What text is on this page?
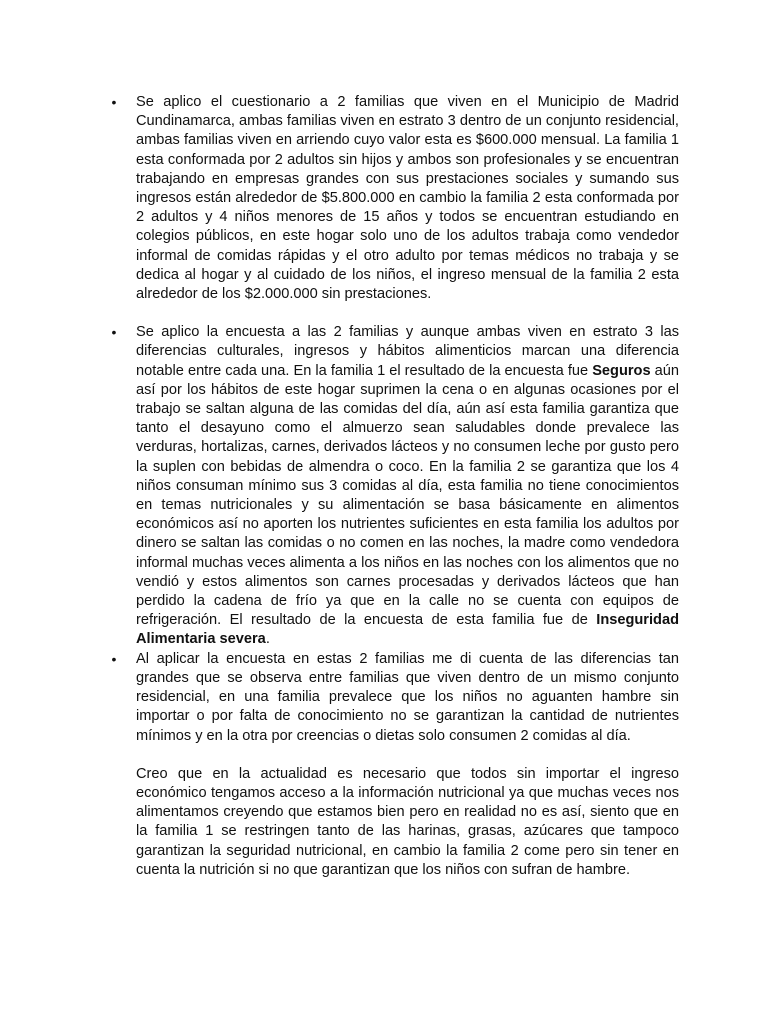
• Se aplico el cuestionario a 2 familias que viven en el Municipio de Madrid Cundinamarca, ambas familias viven en estrato 3 dentro de un conjunto residencial, ambas familias viven en arriendo cuyo valor esta es $600.000 mensual. La familia 1 esta conformada por 2 adultos sin hijos y ambos son profesionales y se encuentran trabajando en empresas grandes con sus prestaciones sociales y sumando sus ingresos están alrededor de $5.800.000 en cambio la familia 2 esta conformada por 2 adultos y 4 niños menores de 15 años y todos se encuentran estudiando en colegios públicos, en este hogar solo uno de los adultos trabaja como vendedor informal de comidas rápidas y el otro adulto por temas médicos no trabaja y se dedica al hogar y al cuidado de los niños, el ingreso mensual de la familia 2 esta alrededor de los $2.000.000 sin prestaciones.
• Se aplico la encuesta a las 2 familias y aunque ambas viven en estrato 3 las diferencias culturales, ingresos y hábitos alimenticios marcan una diferencia notable entre cada una. En la familia 1 el resultado de la encuesta fue Seguros aún así por los hábitos de este hogar suprimen la cena o en algunas ocasiones por el trabajo se saltan alguna de las comidas del día, aún así esta familia garantiza que tanto el desayuno como el almuerzo sean saludables donde prevalece las verduras, hortalizas, carnes, derivados lácteos y no consumen leche por gusto pero la suplen con bebidas de almendra o coco. En la familia 2 se garantiza que los 4 niños consuman mínimo sus 3 comidas al día, esta familia no tiene conocimientos en temas nutricionales y su alimentación se basa básicamente en alimentos económicos así no aporten los nutrientes suficientes en esta familia los adultos por dinero se saltan las comidas o no comen en las noches, la madre como vendedora informal muchas veces alimenta a los niños en las noches con los alimentos que no vendió y estos alimentos son carnes procesadas y derivados lácteos que han perdido la cadena de frío ya que en la calle no se cuenta con equipos de refrigeración. El resultado de la encuesta de esta familia fue de Inseguridad Alimentaria severa.
• Al aplicar la encuesta en estas 2 familias me di cuenta de las diferencias tan grandes que se observa entre familias que viven dentro de un mismo conjunto residencial, en una familia prevalece que los niños no aguanten hambre sin importar o por falta de conocimiento no se garantizan la cantidad de nutrientes mínimos y en la otra por creencias o dietas solo consumen 2 comidas al día.
Creo que en la actualidad es necesario que todos sin importar el ingreso económico tengamos acceso a la información nutricional ya que muchas veces nos alimentamos creyendo que estamos bien pero en realidad no es así, siento que en la familia 1 se restringen tanto de las harinas, grasas, azúcares que tampoco garantizan la seguridad nutricional, en cambio la familia 2 come pero sin tener en cuenta la nutrición si no que garantizan que los niños con sufran de hambre.
